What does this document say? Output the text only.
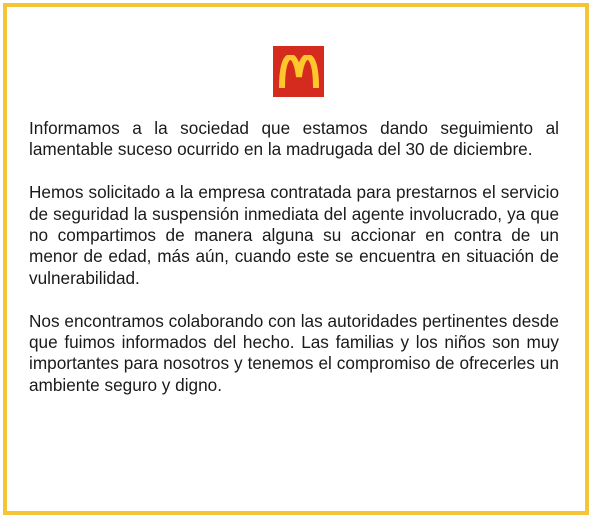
Informamos a la sociedad que estamos dando seguimiento al lamentable suceso ocurrido en la madrugada del 30 de diciembre.

Hemos solicitado a la empresa contratada para prestarnos el servicio de seguridad la suspensión inmediata del agente involucrado, ya que no compartimos de manera alguna su accionar en contra de un menor de edad, más aún, cuando este se encuentra en situación de vulnerabilidad.

Nos encontramos colaborando con las autoridades pertinentes desde que fuimos informados del hecho. Las familias y los niños son muy importantes para nosotros y tenemos el compromiso de ofrecerles un ambiente seguro y digno.
